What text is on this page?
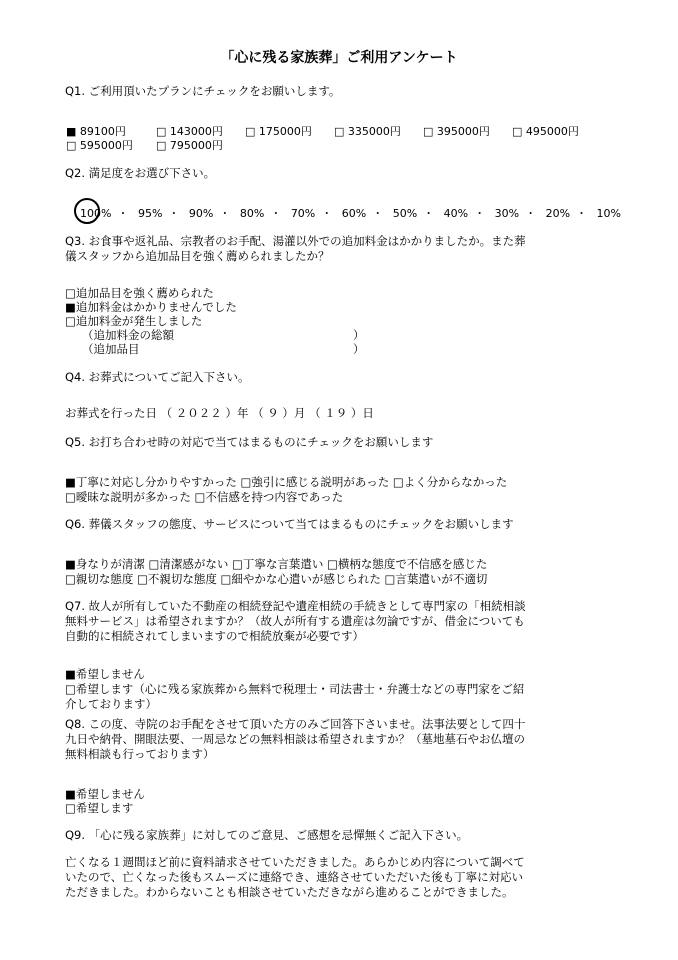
「心に残る家族葬」ご利用アンケート
Q1. ご利用頂いたプランにチェックをお願いします。
■ 89100円	□ 143000円 □ 175000円 □ 335000円 □ 395000円 □ 495000円
□ 595000円 □ 795000円
Q2. 満足度をお選び下さい。
100% ・ 95% ・ 90% ・ 80% ・ 70% ・ 60% ・ 50% ・ 40% ・ 30% ・ 20% ・ 10%
Q3. お食事や返礼品、宗教者のお手配、湯灌以外での追加料金はかかりましたか。また葬
儀スタッフから追加品目を強く薦められましたか？
□追加品目を強く薦められた
■追加料金はかかりませんでした
□追加料金が発生しました
（追加料金の総額	）
（追加品目	）
Q4. お葬式についてご記入下さい。
お葬式を行った日 （ ２０２２ ）年 （ ９ ）月 （ １９ ）日
Q5. お打ち合わせ時の対応で当てはまるものにチェックをお願いします
■丁寧に対応し分かりやすかった □強引に感じる説明があった □よく分からなかった
□曖昧な説明が多かった □不信感を持つ内容であった
Q6. 葬儀スタッフの態度、サービスについて当てはまるものにチェックをお願いします
■身なりが清潔 □清潔感がない □丁寧な言葉遣い □横柄な態度で不信感を感じた
□親切な態度 □不親切な態度 □細やかな心遣いが感じられた □言葉遣いが不適切
Q7. 故人が所有していた不動産の相続登記や遺産相続の手続きとして専門家の「相続相談
無料サービス」は希望されますか？（故人が所有する遺産は勿論ですが、借金についても
自動的に相続されてしまいますので相続放棄が必要です）
■希望しません
□希望します（心に残る家族葬から無料で税理士・司法書士・弁護士などの専門家をご紹
介しております）
Q8. この度、寺院のお手配をさせて頂いた方のみご回答下さいませ。法事法要として四十
九日や納骨、開眼法要、一周忌などの無料相談は希望されますか？（墓地墓石やお仏壇の
無料相談も行っております）
■希望しません
□希望します
Q9. 「心に残る家族葬」に対してのご意見、ご感想を忌憚無くご記入下さい。
亡くなる１週間ほど前に資料請求させていただきました。あらかじめ内容について調べて
いたので、亡くなった後もスムーズに連絡でき、連絡させていただいた後も丁寧に対応い
ただきました。わからないことも相談させていただきながら進めることができました。
